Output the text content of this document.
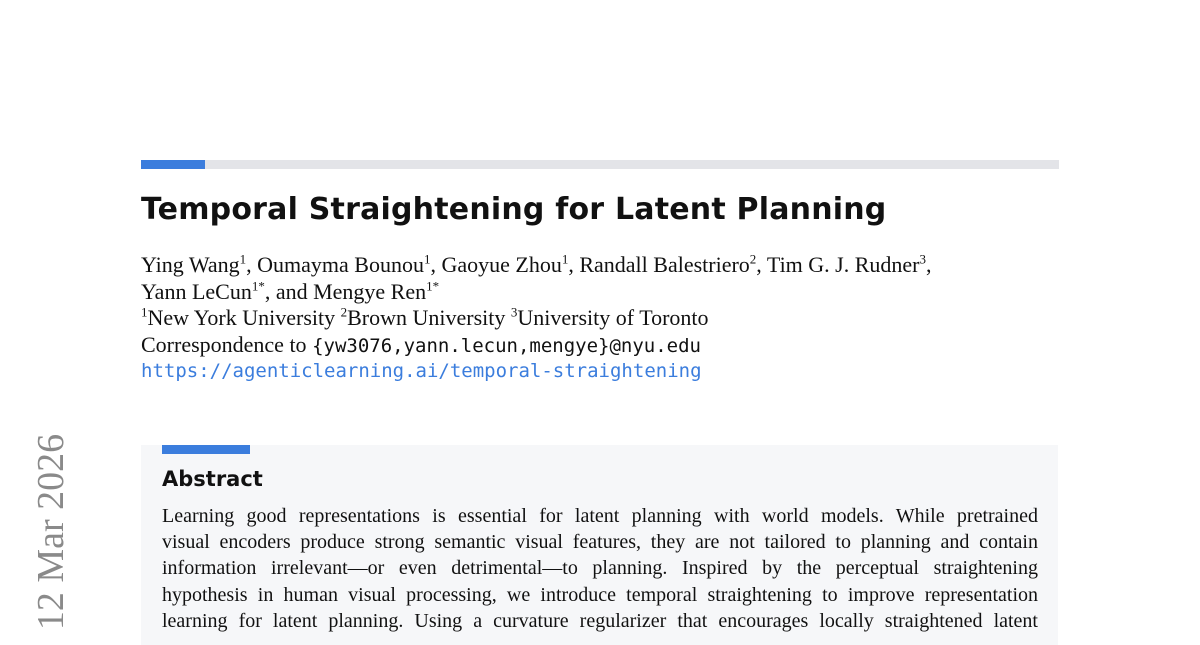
Temporal Straightening for Latent Planning
Ying Wang$^1$, Oumayma Bounou$^1$, Gaoyue Zhou$^1$, Randall Balestriero$^2$, Tim G. J. Rudner$^3$,
Yann LeCun$^{1*}$, and Mengye Ren$^{1*}$
$^1$New York University $^2$Brown University $^3$University of Toronto
Correspondence to {yw3076,yann.lecun,mengye}@nyu.edu
https://agenticlearning.ai/temporal-straightening
12 Mar 2026	Abstract
Learning good representations is essential for latent planning with world models. While pretrained
visual encoders produce strong semantic visual features, they are not tailored to planning and contain
information irrelevant—or even detrimental—to planning. Inspired by the perceptual straightening
hypothesis in human visual processing, we introduce temporal straightening to improve representation
learning for latent planning. Using a curvature regularizer that encourages locally straightened latent
